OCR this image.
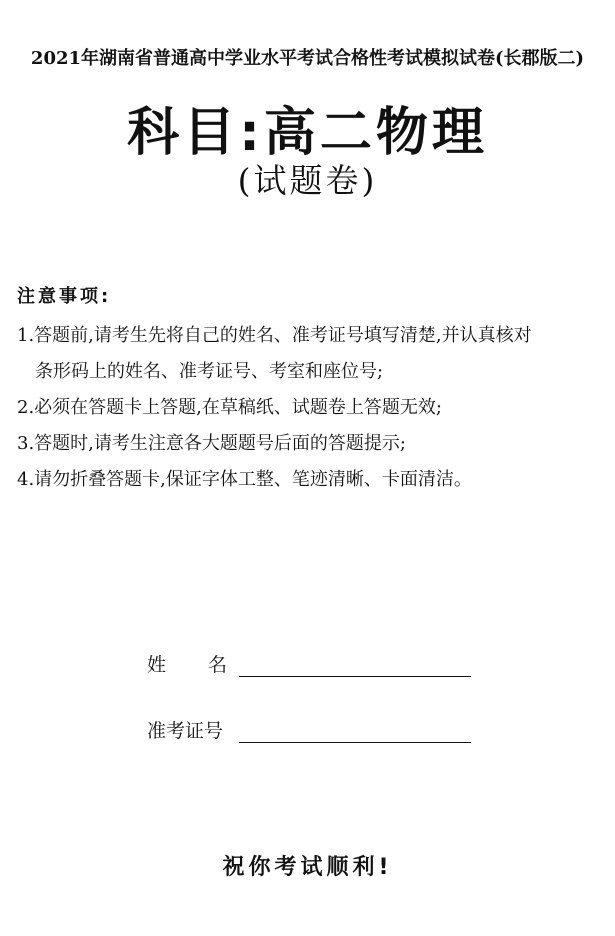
2021年湖南省普通高中学业水平考试合格性考试模拟试卷(长郡版二)
科目:高二物理
(试题卷)
注意事项:
1.答题前,请考生先将自己的姓名、准考证号填写清楚,并认真核对
条形码上的姓名、准考证号、考室和座位号;
2.必须在答题卡上答题,在草稿纸、试题卷上答题无效;
3.答题时,请考生注意各大题题号后面的答题提示;
4.请勿折叠答题卡,保证字体工整、笔迹清晰、卡面清洁。
姓名
准考证号
祝你考试顺利!
